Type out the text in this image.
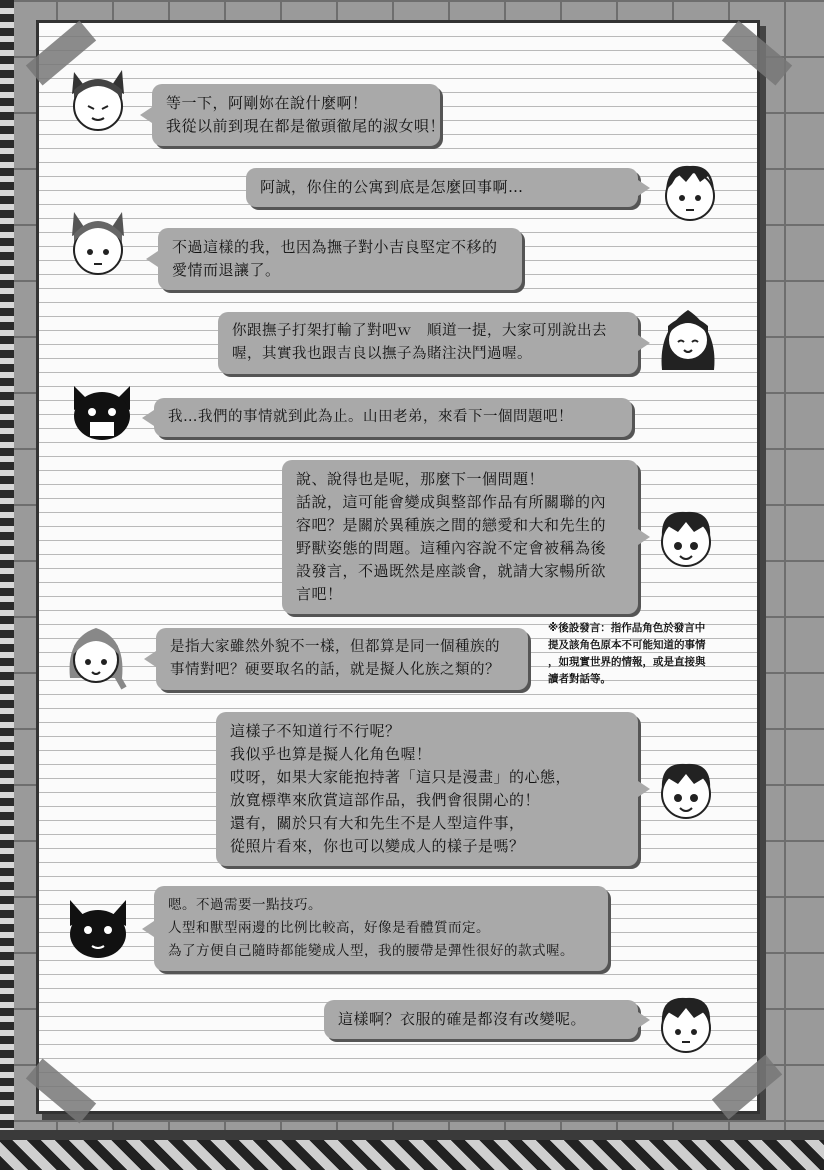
等一下，阿剛妳在說什麼啊！
我從以前到現在都是徹頭徹尾的淑女唄！
阿誠，你住的公寓到底是怎麼回事啊…
不過這樣的我，也因為撫子對小吉良堅定不移的
愛情而退讓了。
你跟撫子打架打輸了對吧ｗ　順道一提，大家可別說出去
喔，其實我也跟吉良以撫子為賭注決鬥過喔。
我…我們的事情就到此為止。山田老弟，來看下一個問題吧！
說、說得也是呢，那麼下一個問題！
話說，這可能會變成與整部作品有所關聯的內
容吧？是關於異種族之間的戀愛和大和先生的
野獸姿態的問題。這種內容說不定會被稱為後
設發言，不過既然是座談會，就請大家暢所欲
言吧！
是指大家雖然外貌不一樣，但都算是同一個種族的
事情對吧？硬要取名的話，就是擬人化族之類的？
※後設發言：指作品角色於發言中
提及該角色原本不可能知道的事情
，如現實世界的情報，或是直接與
讀者對話等。
這樣子不知道行不行呢？
我似乎也算是擬人化角色喔！
哎呀，如果大家能抱持著「這只是漫畫」的心態，
放寬標準來欣賞這部作品，我們會很開心的！
還有，關於只有大和先生不是人型這件事，
從照片看來，你也可以變成人的樣子是嗎？
嗯。不過需要一點技巧。
人型和獸型兩邊的比例比較高，好像是看體質而定。
為了方便自己隨時都能變成人型，我的腰帶是彈性很好的款式喔。
這樣啊？衣服的確是都沒有改變呢。
